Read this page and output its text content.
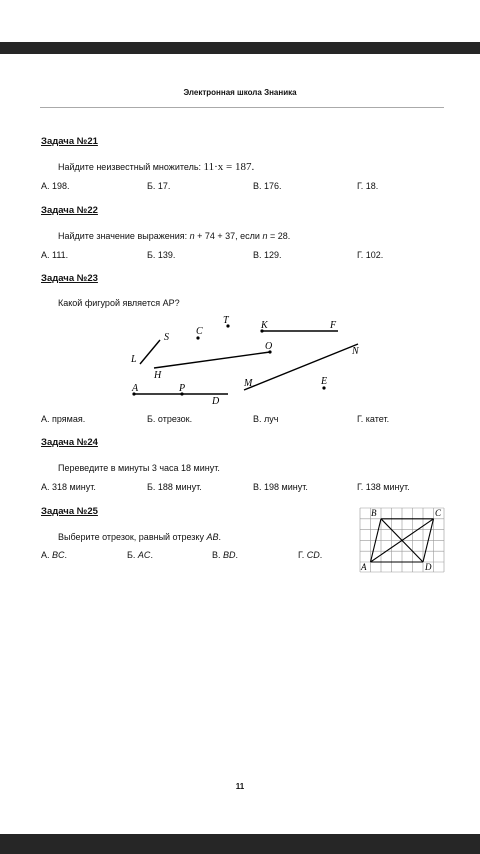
Электронная школа Знаника
Задача №21
Найдите неизвестный множитель: 11·x = 187.
А. 198.	Б. 17.	В. 176.	Г. 18.
Задача №22
Найдите значение выражения: n + 74 + 37, если n = 28.
А. 111.	Б. 139.	В. 129.	Г. 102.
Задача №23
Какой фигурой является АР?
S
L
C
T	K	F
O
H
M
N
E
A	P
D
А. прямая.	Б. отрезок.	В. луч	Г. катет.
Задача №24
Переведите в минуты 3 часа 18 минут.
А. 318 минут.	Б. 188 минут.	В. 198 минут.	Г. 138 минут.
Задача №25
Выберите отрезок, равный отрезку AB.
А. BC.	Б. AC.	В. BD.	Г. CD.
B	C
A	D
11
